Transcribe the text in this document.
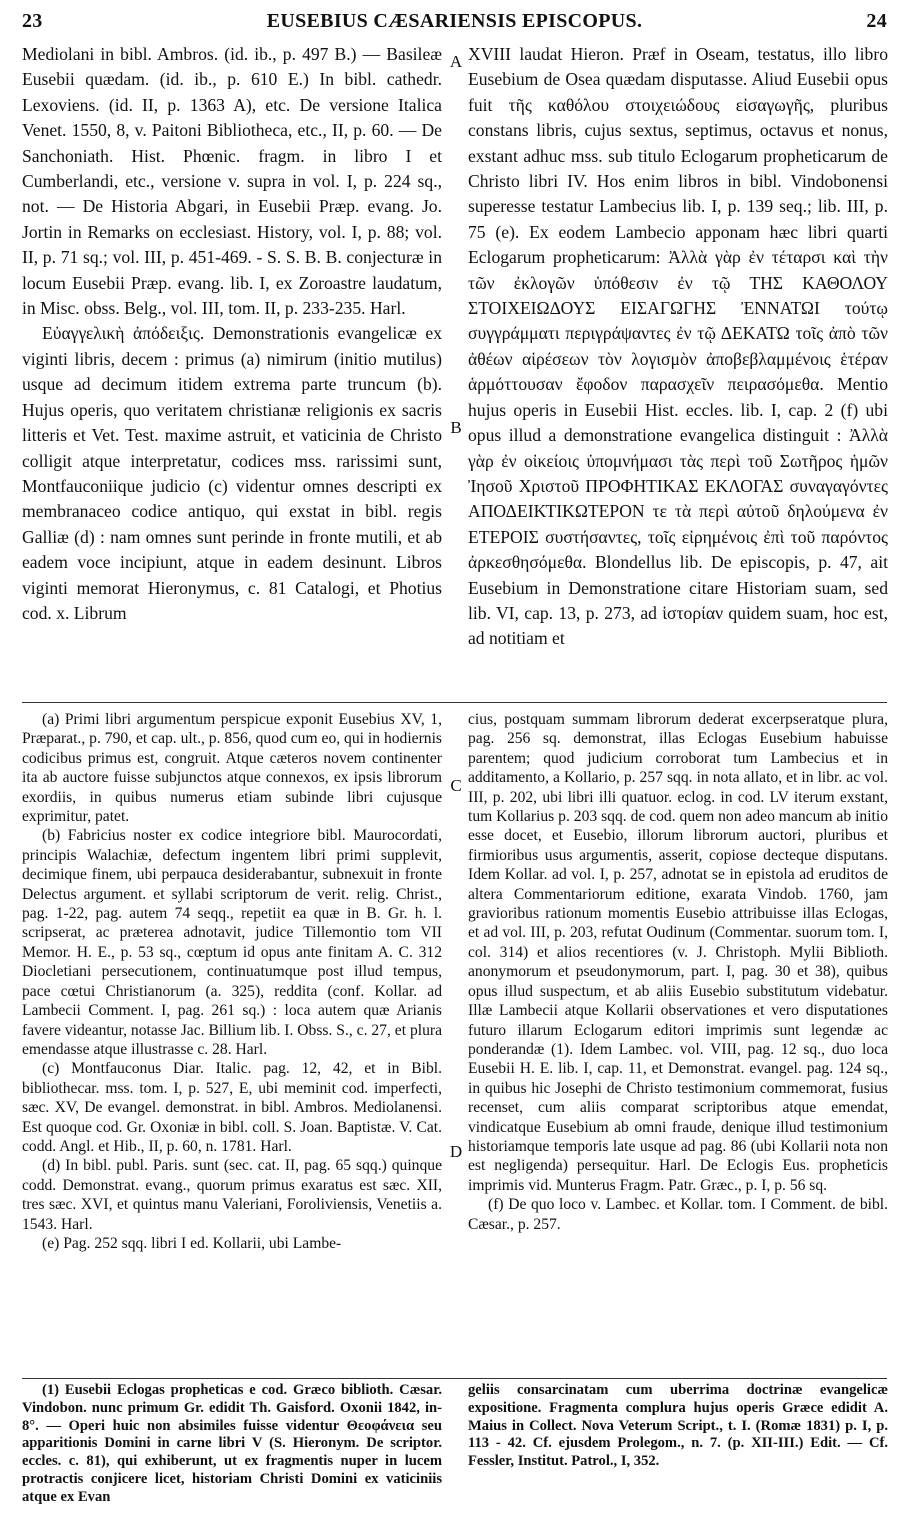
23	EUSEBIUS CÆSARIENSIS EPISCOPUS.	24

Mediolani in bibl. Ambros. (id. ib., p. 497 B.) — Basileæ Eusebii quædam. (id. ib., p. 610 E.) In bibl. cathedr. Lexoviens. (id. II, p. 1363 A), etc. De versione Italica Venet. 1550, 8, v. Paitoni Bibliotheca, etc., II, p. 60. — De Sanchoniath. Hist. Phœnic. fragm. in libro I et Cumberlandi, etc., versione v. supra in vol. I, p. 224 sq., not. — De Historia Abgari, in Eusebii Præp. evang. Jo. Jortin in Remarks on ecclesiast. History, vol. I, p. 88; vol. II, p. 71 sq.; vol. III, p. 451-469. - S. S. B. B. conjecturæ in locum Eusebii Præp. evang. lib. I, ex Zoroastre laudatum, in Misc. obss. Belg., vol. III, tom. II, p. 233-235. Harl.

Εὐαγγελικὴ ἀπόδειξις. Demonstrationis evangelicæ ex viginti libris, decem : primus (a) nimirum (initio mutilus) usque ad decimum itidem extrema parte truncum (b). Hujus operis, quo veritatem christianæ religionis ex sacris litteris et Vet. Test. maxime astruit, et vaticinia de Christo colligit atque interpretatur, codices mss. rarissimi sunt, Montfauconiique judicio (c) videntur omnes descripti ex membranaceo codice antiquo, qui exstat in bibl. regis Galliæ (d) : nam omnes sunt perinde in fronte mutili, et ab eadem voce incipiunt, atque in eadem desinunt. Libros viginti memorat Hieronymus, c. 81 Catalogi, et Photius cod. x. Librum

XVIII laudat Hieron. Præf in Oseam, testatus, illo libro Eusebium de Osea quædam disputasse. Aliud Eusebii opus fuit τῆς καθόλου στοιχειώδους εἰσαγωγῆς, pluribus constans libris, cujus sextus, septimus, octavus et nonus, exstant adhuc mss. sub titulo Eclogarum propheticarum de Christo libri IV. Hos enim libros in bibl. Vindobonensi superesse testatur Lambecius lib. I, p. 139 seq.; lib. III, p. 75 (e). Ex eodem Lambecio apponam hæc libri quarti Eclogarum propheticarum: Ἀλλὰ γὰρ ἐν τέταρσι καὶ τὴν τῶν ἐκλογῶν ὑπόθεσιν ἐν τῷ ΤΗΣ ΚΑΘΟΛΟΥ ΣΤΟΙΧΕΙΩΔΟΥΣ ΕΙΣΑΓΩΓΗΣ ἘΝΝΑΤΩΙ τούτῳ συγγράμματι περιγράψαντες ἐν τῷ ΔΕΚΑΤΩ τοῖς ἀπὸ τῶν ἀθέων αἱρέσεων τὸν λογισμὸν ἀποβεβλαμμένοις ἑτέραν ἁρμόττουσαν ἔφοδον παρασχεῖν πειρασόμεθα. Mentio hujus operis in Eusebii Hist. eccles. lib. I, cap. 2 (f) ubi opus illud a demonstratione evangelica distinguit : Ἀλλὰ γὰρ ἐν οἰκείοις ὑπομνήμασι τὰς περὶ τοῦ Σωτῆρος ἡμῶν Ἰησοῦ Χριστοῦ ΠΡΟΦΗΤΙΚΑΣ ΕΚΛΟΓΑΣ συναγαγόντες ΑΠΟΔΕΙΚΤΙΚΩΤΕΡΟΝ τε τὰ περὶ αὐτοῦ δηλούμενα ἐν ΕΤΕΡΟΙΣ συστήσαντες, τοῖς εἰρημένοις ἐπὶ τοῦ παρόντος ἀρκεσθησόμεθα. Blondellus lib. De episcopis, p. 47, ait Eusebium in Demonstratione citare Historiam suam, sed lib. VI, cap. 13, p. 273, ad ἱστορίαν quidem suam, hoc est, ad notitiam et

A
B
C
D

(a) Primi libri argumentum perspicue exponit Eusebius XV, 1, Præparat., p. 790, et cap. ult., p. 856, quod cum eo, qui in hodiernis codicibus primus est, congruit. Atque cæteros novem continenter ita ab auctore fuisse subjunctos atque connexos, ex ipsis librorum exordiis, in quibus numerus etiam subinde libri cujusque exprimitur, patet.

(b) Fabricius noster ex codice integriore bibl. Maurocordati, principis Walachiæ, defectum ingentem libri primi supplevit, decimique finem, ubi perpauca desiderabantur, subnexuit in fronte Delectus argument. et syllabi scriptorum de verit. relig. Christ., pag. 1-22, pag. autem 74 seqq., repetiit ea quæ in B. Gr. h. l. scripserat, ac præterea adnotavit, judice Tillemontio tom VII Memor. H. E., p. 53 sq., cœptum id opus ante finitam A. C. 312 Diocletiani persecutionem, continuatumque post illud tempus, pace cœtui Christianorum (a. 325), reddita (conf. Kollar. ad Lambecii Comment. I, pag. 261 sq.) : loca autem quæ Arianis favere videantur, notasse Jac. Billium lib. I. Obss. S., c. 27, et plura emendasse atque illustrasse c. 28. Harl.

(c) Montfauconus Diar. Italic. pag. 12, 42, et in Bibl. bibliothecar. mss. tom. I, p. 527, E, ubi meminit cod. imperfecti, sæc. XV, De evangel. demonstrat. in bibl. Ambros. Mediolanensi. Est quoque cod. Gr. Oxoniæ in bibl. coll. S. Joan. Baptistæ. V. Cat. codd. Angl. et Hib., II, p. 60, n. 1781. Harl.

(d) In bibl. publ. Paris. sunt (sec. cat. II, pag. 65 sqq.) quinque codd. Demonstrat. evang., quorum primus exaratus est sæc. XII, tres sæc. XVI, et quintus manu Valeriani, Foroliviensis, Venetiis a. 1543. Harl.

(e) Pag. 252 sqq. libri I ed. Kollarii, ubi Lambe-

cius, postquam summam librorum dederat excerpseratque plura, pag. 256 sq. demonstrat, illas Eclogas Eusebium habuisse parentem; quod judicium corroborat tum Lambecius et in additamento, a Kollario, p. 257 sqq. in nota allato, et in libr. ac vol. III, p. 202, ubi libri illi quatuor. eclog. in cod. LV iterum exstant, tum Kollarius p. 203 sqq. de cod. quem non adeo mancum ab initio esse docet, et Eusebio, illorum librorum auctori, pluribus et firmioribus usus argumentis, asserit, copiose decteque disputans. Idem Kollar. ad vol. I, p. 257, adnotat se in epistola ad eruditos de altera Commentariorum editione, exarata Vindob. 1760, jam gravioribus rationum momentis Eusebio attribuisse illas Eclogas, et ad vol. III, p. 203, refutat Oudinum (Commentar. suorum tom. I, col. 314) et alios recentiores (v. J. Christoph. Mylii Biblioth. anonymorum et pseudonymorum, part. I, pag. 30 et 38), quibus opus illud suspectum, et ab aliis Eusebio substitutum videbatur. Illæ Lambecii atque Kollarii observationes et vero disputationes futuro illarum Eclogarum editori imprimis sunt legendæ ac ponderandæ (1). Idem Lambec. vol. VIII, pag. 12 sq., duo loca Eusebii H. E. lib. I, cap. 11, et Demonstrat. evangel. pag. 124 sq., in quibus hic Josephi de Christo testimonium commemorat, fusius recenset, cum aliis comparat scriptoribus atque emendat, vindicatque Eusebium ab omni fraude, denique illud testimonium historiamque temporis late usque ad pag. 86 (ubi Kollarii nota non est negligenda) persequitur. Harl. De Eclogis Eus. propheticis imprimis vid. Munterus Fragm. Patr. Græc., p. I, p. 56 sq.

(f) De quo loco v. Lambec. et Kollar. tom. I Comment. de bibl. Cæsar., p. 257.

(1) Eusebii Eclogas propheticas e cod. Græco biblioth. Cæsar. Vindobon. nunc primum Gr. edidit Th. Gaisford. Oxonii 1842, in-8°. — Operi huic non absimiles fuisse videntur Θεοφάνεια seu apparitionis Domini in carne libri V (S. Hieronym. De scriptor. eccles. c. 81), qui exhiberunt, ut ex fragmentis nuper in lucem protractis conjicere licet, historiam Christi Domini ex vaticiniis atque ex Evan

geliis consarcinatam cum uberrima doctrinæ evangelicæ expositione. Fragmenta complura hujus operis Græce edidit A. Maius in Collect. Nova Veterum Script., t. I. (Romæ 1831) p. I, p. 113 - 42. Cf. ejusdem Prolegom., n. 7. (p. XII-III.) Edit. — Cf. Fessler, Institut. Patrol., I, 352.
